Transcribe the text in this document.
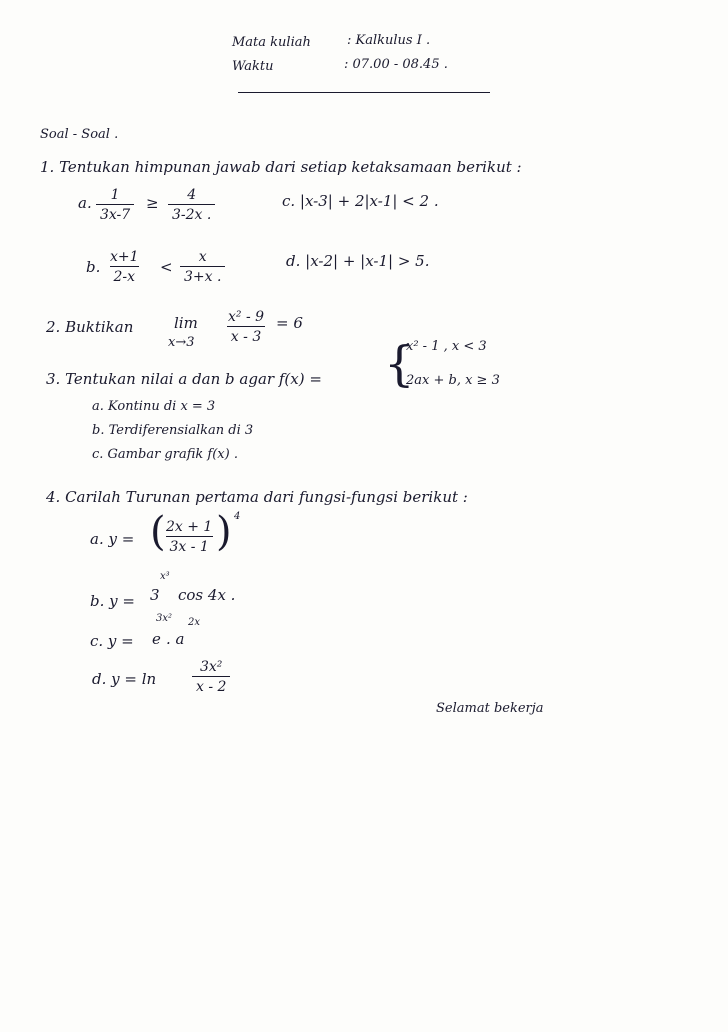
Mata kuliah	: Kalkulus I .
Waktu	: 07.00 - 08.45 .
Soal - Soal .
1. Tentukan himpunan jawab dari setiap ketaksamaan berikut :
a. $\frac{1}{3x-7} \ge \frac{4}{3-2x .}$	c. |x-3| + 2|x-1| < 2 .
b. $\frac{x+1}{2-x} < \frac{x}{3+x .}$	d. |x-2| + |x-1| > 5.
2. Buktikan	lim
$x\to 3 \frac{\text{x² - 9}}{x - 3} = 6$
3. Tentukan nilai a dan b agar f(x) = {
x² - 1 , x < 3
2ax + b, x ≥ 3
a. Kontinu di x = 3
b. Terdiferensialkan di 3
c. Gambar grafik f(x) .
4. Carilah Turunan pertama dari fungsi-fungsi berikut :
a. y = (
$\frac{2x + 1}{3x - 1}$ ) 4
b. y = 3
x³
cos 4x .
c. y = e
3x²
. a
2x
d. y = ln	$\frac{\text{3x²}}{x - 2}$
Selamat bekerja
